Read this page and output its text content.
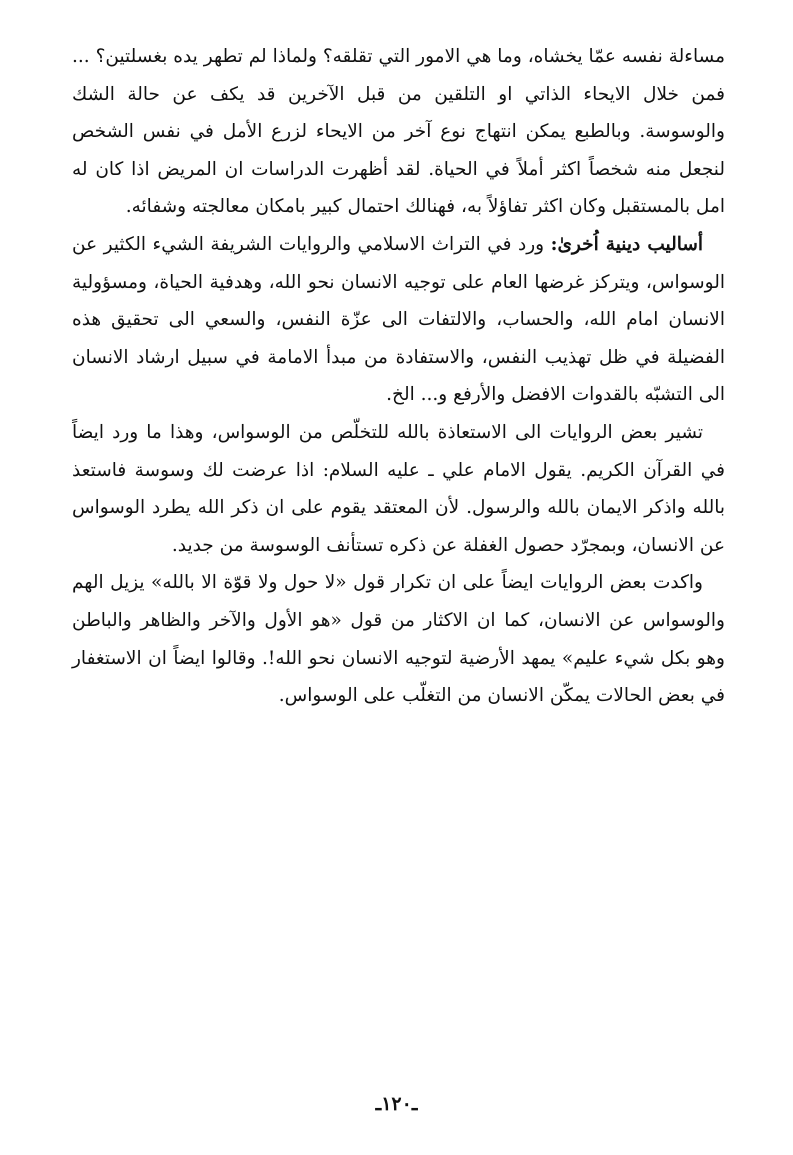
مساءلة نفسه عمّا يخشاه، وما هي الامور التي تقلقه؟ ولماذا لم تطهر يده بغسلتين؟ ... فمن خلال الايحاء الذاتي او التلقين من قبل الآخرين قد يكف عن حالة الشك والوسوسة. وبالطبع يمكن انتهاج نوع آخر من الايحاء لزرع الأمل في نفس الشخص لنجعل منه شخصاً اكثر أملاً في الحياة. لقد أظهرت الدراسات ان المريض اذا كان له امل بالمستقبل وكان اكثر تفاؤلاً به، فهنالك احتمال كبير بامكان معالجته وشفائه.

أساليب دينية اُخرىٰ: ورد في التراث الاسلامي والروايات الشريفة الشيء الكثير عن الوسواس، ويتركز غرضها العام على توجيه الانسان نحو الله، وهدفية الحياة، ومسؤولية الانسان امام الله، والحساب، والالتفات الى عزّة النفس، والسعي الى تحقيق هذه الفضيلة في ظل تهذيب النفس، والاستفادة من مبدأ الامامة في سبيل ارشاد الانسان الى التشبّه بالقدوات الافضل والأرفع و... الخ.

تشير بعض الروايات الى الاستعاذة بالله للتخلّص من الوسواس، وهذا ما ورد ايضاً في القرآن الكريم. يقول الامام علي ـ عليه السلام: اذا عرضت لك وسوسة فاستعذ بالله واذكر الايمان بالله والرسول. لأن المعتقد يقوم على ان ذكر الله يطرد الوسواس عن الانسان، وبمجرّد حصول الغفلة عن ذكره تستأنف الوسوسة من جديد.

واكدت بعض الروايات ايضاً على ان تكرار قول «لا حول ولا قوّة الا بالله» يزيل الهم والوسواس عن الانسان، كما ان الاكثار من قول «هو الأول والآخر والظاهر والباطن وهو بكل شيء عليم» يمهد الأرضية لتوجيه الانسان نحو الله!. وقالوا ايضاً ان الاستغفار في بعض الحالات يمكّن الانسان من التغلّب على الوسواس.

ـ١٢٠ـ
